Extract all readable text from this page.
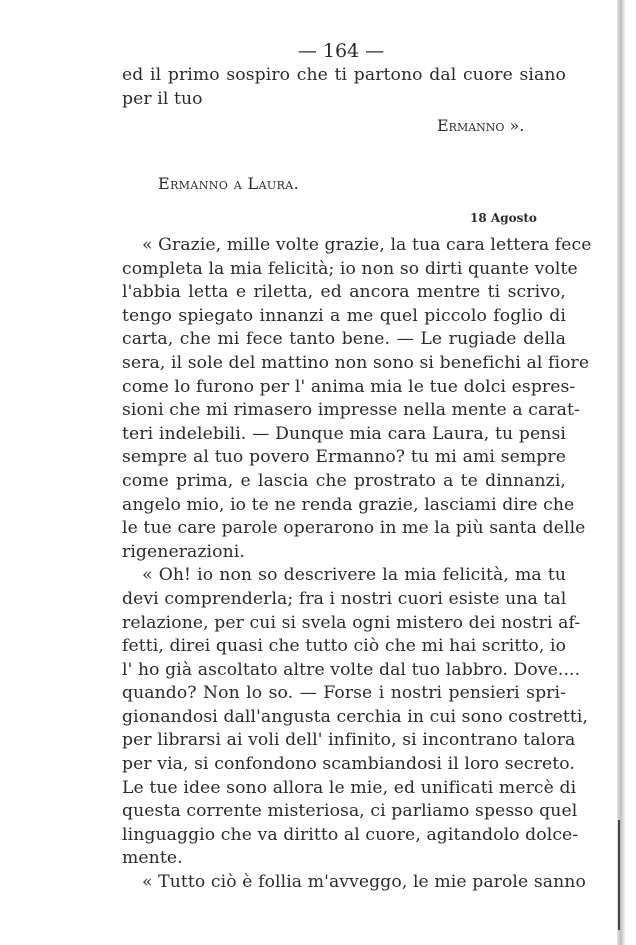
— 164 —
ed il primo sospiro che ti partono dal cuore siano
per il tuo
Ermanno ».
Ermanno a Laura.
18 Agosto
« Grazie, mille volte grazie, la tua cara lettera fece
completa la mia felicità; io non so dirti quante volte
l'abbia letta e riletta, ed ancora mentre ti scrivo,
tengo spiegato innanzi a me quel piccolo foglio di
carta, che mi fece tanto bene. — Le rugiade della
sera, il sole del mattino non sono si benefichi al fiore
come lo furono per l' anima mia le tue dolci espres-
sioni che mi rimasero impresse nella mente a carat-
teri indelebili. — Dunque mia cara Laura, tu pensi
sempre al tuo povero Ermanno? tu mi ami sempre
come prima, e lascia che prostrato a te dinnanzi,
angelo mio, io te ne renda grazie, lasciami dire che
le tue care parole operarono in me la più santa delle
rigenerazioni.
« Oh! io non so descrivere la mia felicità, ma tu
devi comprenderla; fra i nostri cuori esiste una tal
relazione, per cui si svela ogni mistero dei nostri af-
fetti, direi quasi che tutto ciò che mi hai scritto, io
l' ho già ascoltato altre volte dal tuo labbro. Dove....
quando? Non lo so. — Forse i nostri pensieri spri-
gionandosi dall'angusta cerchia in cui sono costretti,
per librarsi ai voli dell' infinito, si incontrano talora
per via, si confondono scambiandosi il loro secreto.
Le tue idee sono allora le mie, ed unificati mercè di
questa corrente misteriosa, ci parliamo spesso quel
linguaggio che va diritto al cuore, agitandolo dolce-
mente.
« Tutto ciò è follia m'avveggo, le mie parole sanno
